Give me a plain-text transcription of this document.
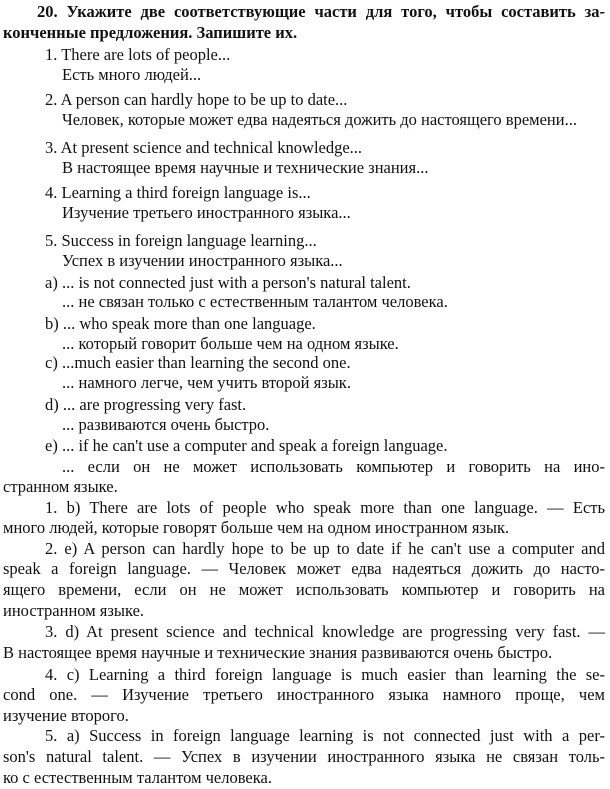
20. Укажите две соответствующие части для того, чтобы составить за-
конченные предложения. Запишите их.
1. There are lots of people...
Есть много людей...
2. A person can hardly hope to be up to date...
Человек, которые может едва надеяться дожить до настоящего времени...
3. At present science and technical knowledge...
В настоящее время научные и технические знания...
4. Learning a third foreign language is...
Изучение третьего иностранного языка...
5. Success in foreign language learning...
Успех в изучении иностранного языка...
a) ... is not connected just with a person's natural talent.
... не связан только с естественным талантом человека.
b) ... who speak more than one language.
... который говорит больше чем на одном языке.
c) ...much easier than learning the second one.
... намного легче, чем учить второй язык.
d) ... are progressing very fast.
... развиваются очень быстро.
e) ... if he can't use a computer and speak a foreign language.
... если он не может использовать компьютер и говорить на ино-
странном языке.
1. b) There are lots of people who speak more than one language. — Есть
много людей, которые говорят больше чем на одном иностранном язык.
2. e) A person can hardly hope to be up to date if he can't use a computer and
speak a foreign language. — Человек может едва надеяться дожить до насто-
ящего времени, если он не может использовать компьютер и говорить на
иностранном языке.
3. d) At present science and technical knowledge are progressing very fast. —
В настоящее время научные и технические знания развиваются очень быстро.
4. c) Learning a third foreign language is much easier than learning the se-
cond one. — Изучение третьего иностранного языка намного проще, чем
изучение второго.
5. a) Success in foreign language learning is not connected just with a per-
son's natural talent. — Успех в изучении иностранного языка не связан толь-
ко с естественным талантом человека.
